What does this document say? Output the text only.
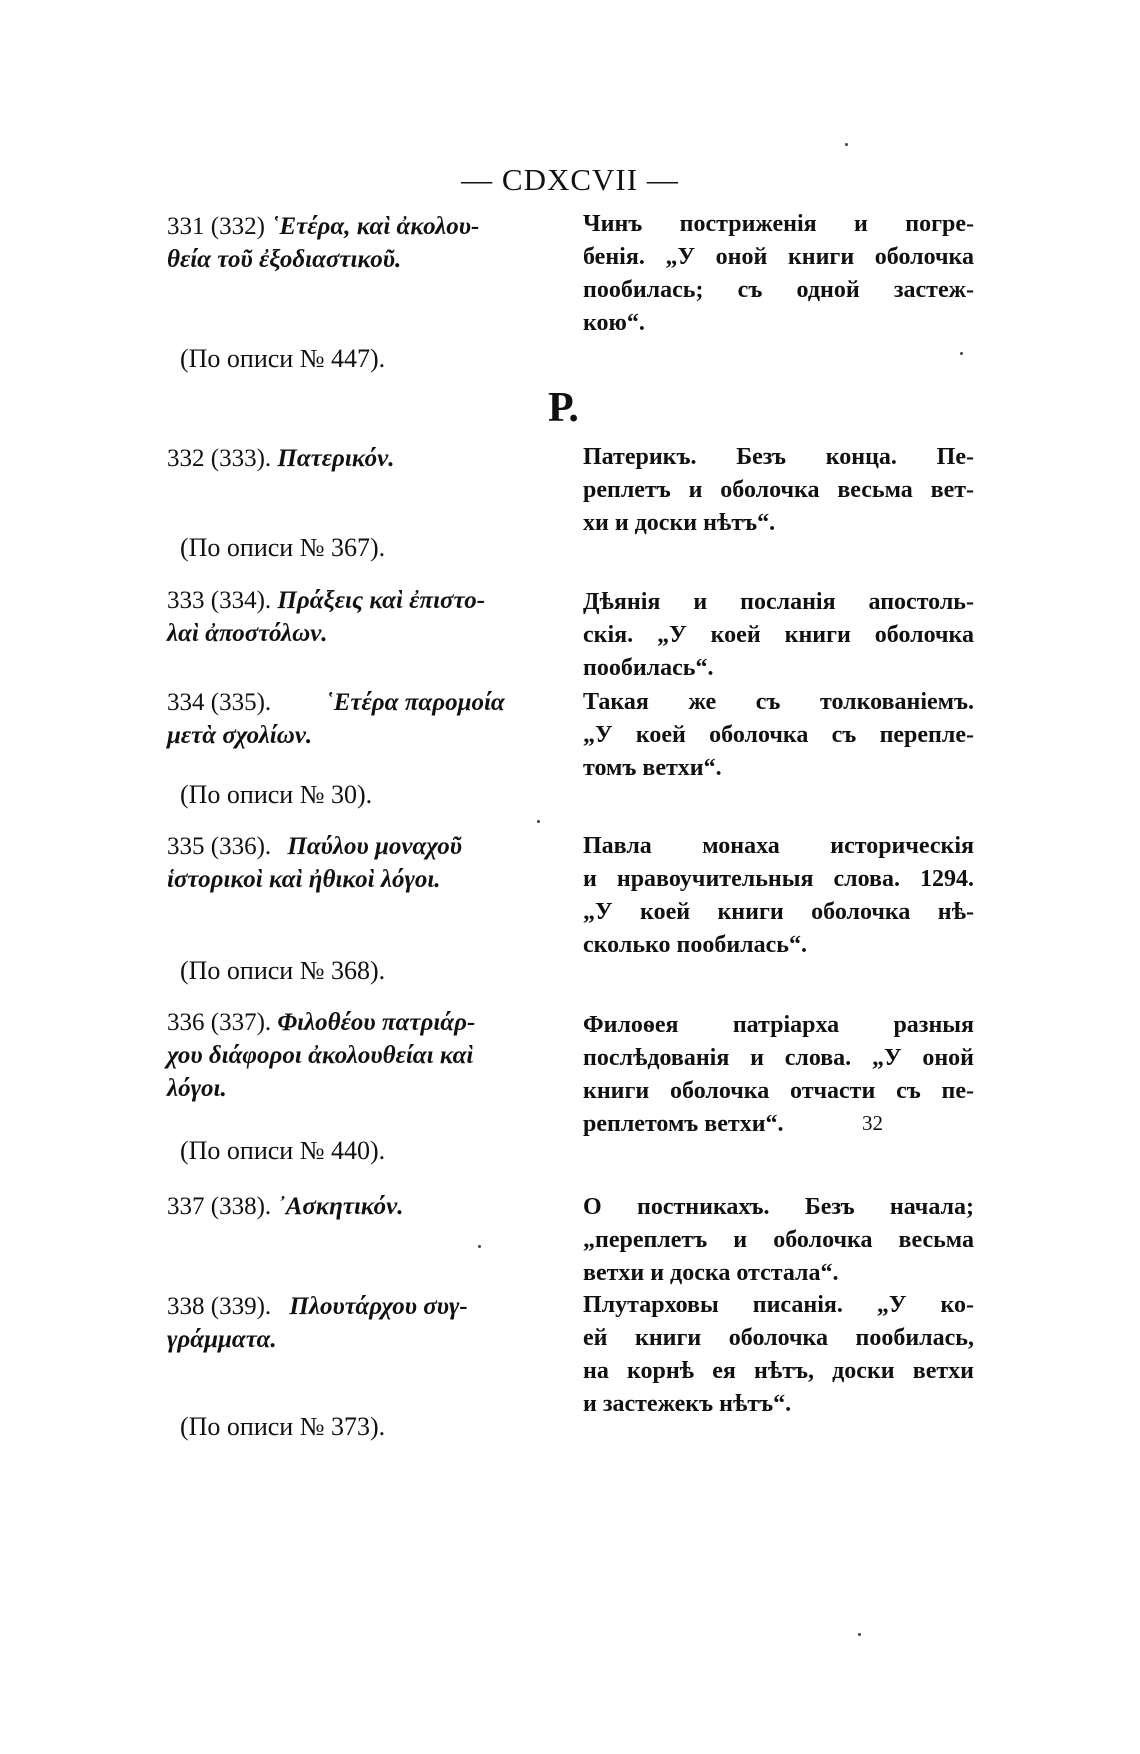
— CDXCVII —
331 (332) ῾Ετέρα, καὶ ἀκολου-
θεία τοῦ ἐξοδιαστικοῦ.
Чинъ постриженія и погре-
бенія. „У оной книги оболочка
пообилась; съ одной застеж-
кою“.
(По описи № 447).
Р.
332 (333). Πατερικόν.	Патерикъ. Безъ конца. Пе-
реплетъ и оболочка весьма вет-
хи и доски нѣтъ“.
(По описи № 367).
333 (334). Πράξεις καὶ ἐπιστο-
λαὶ ἀποστόλων.
Дѣянія и посланія апостоль-
скія. „У коей книги оболочка
пообилась“.
334 (335). ῾Ετέρα παρομοία
μετὰ σχολίων.
Такая же съ толкованіемъ.
„У коей оболочка съ перепле-
томъ ветхи“.
(По описи № 30).
335 (336). Παύλου μοναχοῦ
ἱστορικοὶ καὶ ἠθικοὶ λόγοι.
Павла монаха историческія
и нравоучительныя слова. 1294.
„У коей книги оболочка нѣ-
сколько пообилась“.
(По описи № 368).
336 (337). Φιλοθέου πατριάρ-
χου διάφοροι ἀκολουθείαι καὶ
λόγοι.
Филоѳея патріарха разныя
послѣдованія и слова. „У оной
книги оболочка отчасти съ пе-
реплетомъ ветхи“.
(По описи № 440).
337 (338). ᾿Ασκητικόν.	О постникахъ. Безъ начала;
„переплетъ и оболочка весьма
ветхи и доска отстала“.
338 (339). Πλουτάρχου συγ-
γράμματα.
Плутарховы писанія. „У ко-
ей книги оболочка пообилась,
на корнѣ ея нѣтъ, доски ветхи
и застежекъ нѣтъ“.
(По описи № 373).
32
